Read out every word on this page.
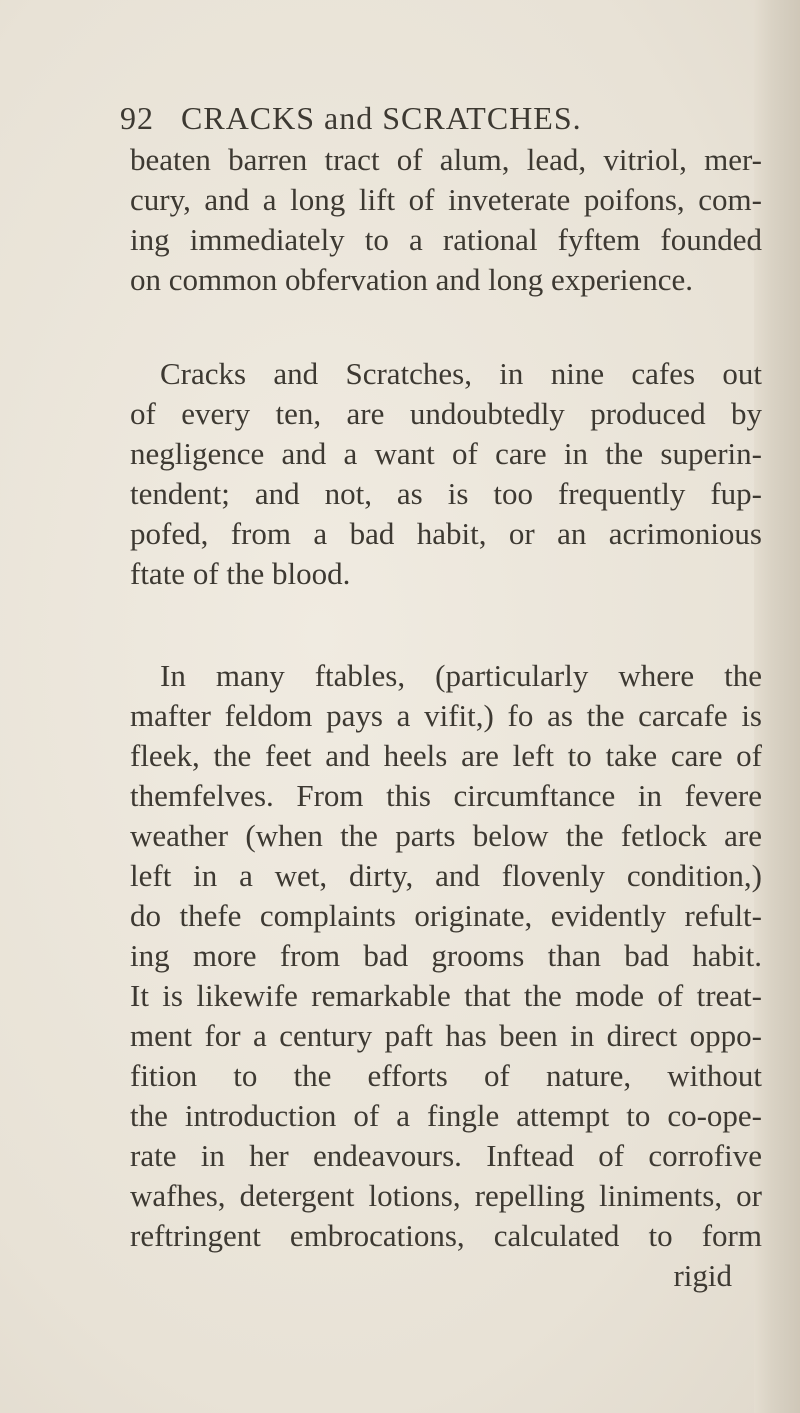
92 CRACKS and SCRATCHES.
beaten barren tract of alum, lead, vitriol, mer-
cury, and a long lift of inveterate poifons, com-
ing immediately to a rational fyftem founded
on common obfervation and long experience.
Cracks and Scratches, in nine cafes out
of every ten, are undoubtedly produced by
negligence and a want of care in the superin-
tendent; and not, as is too frequently fup-
pofed, from a bad habit, or an acrimonious
ftate of the blood.
In many ftables, (particularly where the
mafter feldom pays a vifit,) fo as the carcafe is
fleek, the feet and heels are left to take care of
themfelves. From this circumftance in fevere
weather (when the parts below the fetlock are
left in a wet, dirty, and flovenly condition,)
do thefe complaints originate, evidently refult-
ing more from bad grooms than bad habit.
It is likewife remarkable that the mode of treat-
ment for a century paft has been in direct oppo-
fition to the efforts of nature, without
the introduction of a fingle attempt to co-ope-
rate in her endeavours. Inftead of corrofive
wafhes, detergent lotions, repelling liniments, or
reftringent embrocations, calculated to form
rigid
